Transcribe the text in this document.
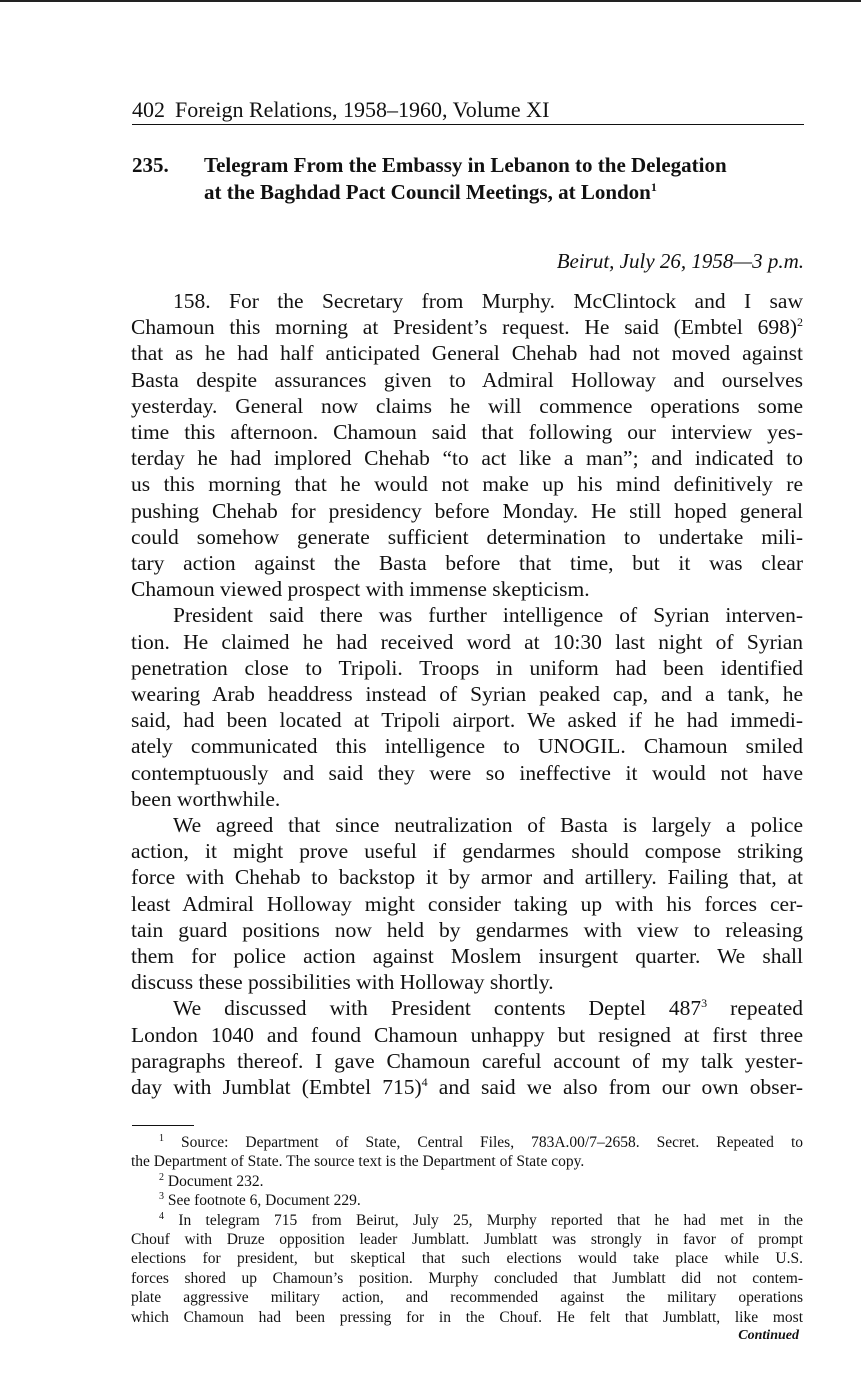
402 Foreign Relations, 1958–1960, Volume XI
235. Telegram From the Embassy in Lebanon to the Delegation
at the Baghdad Pact Council Meetings, at London$^1$
Beirut, July 26, 1958—3 p.m.

158. For the Secretary from Murphy. McClintock and I saw
Chamoun this morning at President’s request. He said (Embtel 698)$^2$
that as he had half anticipated General Chehab had not moved against
Basta despite assurances given to Admiral Holloway and ourselves
yesterday. General now claims he will commence operations some
time this afternoon. Chamoun said that following our interview yes-
terday he had implored Chehab “to act like a man”; and indicated to
us this morning that he would not make up his mind definitively re
pushing Chehab for presidency before Monday. He still hoped general
could somehow generate sufficient determination to undertake mili-
tary action against the Basta before that time, but it was clear
Chamoun viewed prospect with immense skepticism.

President said there was further intelligence of Syrian interven-
tion. He claimed he had received word at 10:30 last night of Syrian
penetration close to Tripoli. Troops in uniform had been identified
wearing Arab headdress instead of Syrian peaked cap, and a tank, he
said, had been located at Tripoli airport. We asked if he had immedi-
ately communicated this intelligence to UNOGIL. Chamoun smiled
contemptuously and said they were so ineffective it would not have
been worthwhile.

We agreed that since neutralization of Basta is largely a police
action, it might prove useful if gendarmes should compose striking
force with Chehab to backstop it by armor and artillery. Failing that, at
least Admiral Holloway might consider taking up with his forces cer-
tain guard positions now held by gendarmes with view to releasing
them for police action against Moslem insurgent quarter. We shall
discuss these possibilities with Holloway shortly.

We discussed with President contents Deptel $487^3$ repeated
London 1040 and found Chamoun unhappy but resigned at first three
paragraphs thereof. I gave Chamoun careful account of my talk yester-
day with Jumblat (Embtel 715)$^4$ and said we also from our own obser-

$^1$ Source: Department of State, Central Files, 783A.00/7–2658. Secret. Repeated to
the Department of State. The source text is the Department of State copy.

$^2$ Document 232.

$^3$ See footnote 6, Document 229.

$^4$ In telegram 715 from Beirut, July 25, Murphy reported that he had met in the
Chouf with Druze opposition leader Jumblatt. Jumblatt was strongly in favor of prompt
elections for president, but skeptical that such elections would take place while U.S.
forces shored up Chamoun’s position. Murphy concluded that Jumblatt did not contem-
plate aggressive military action, and recommended against the military operations
which Chamoun had been pressing for in the Chouf. He felt that Jumblatt, like most

Continued
